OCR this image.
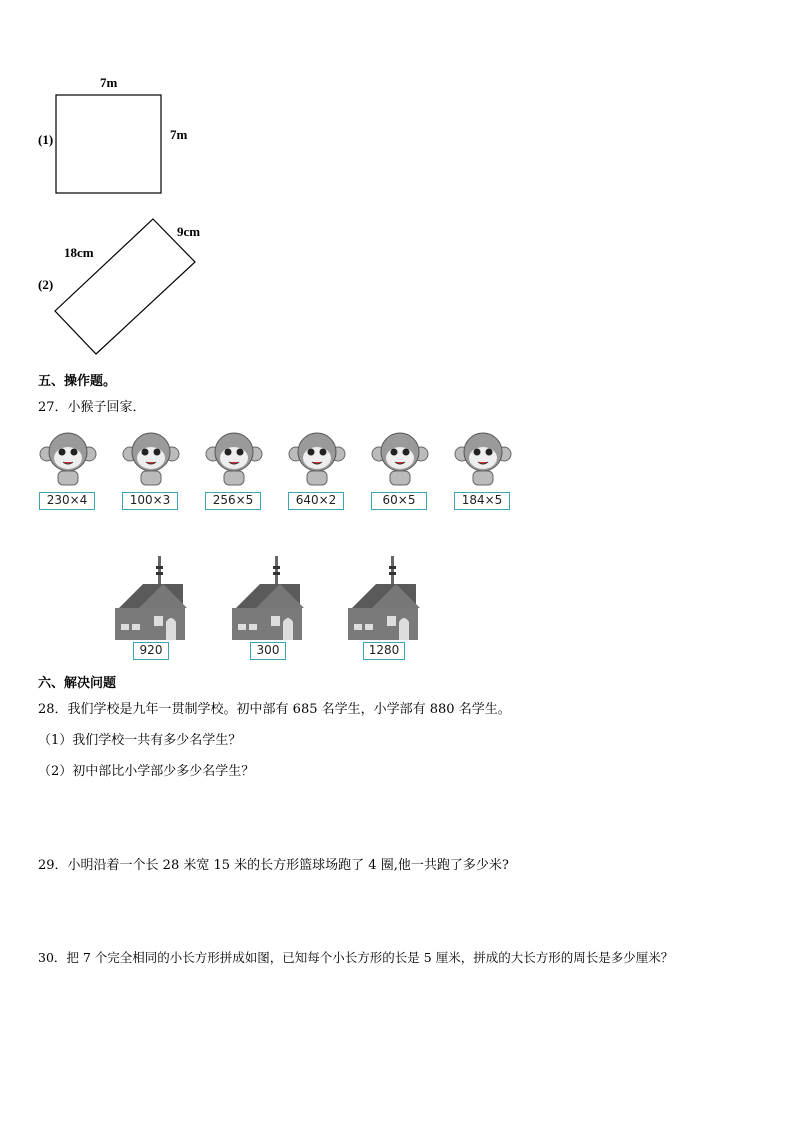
(1)
7m
7m
(2)
18cm
9cm
五、操作题。
27．小猴子回家．
230×4	100×3	256×5	640×2	60×5	184×5
920	300	1280
六、解决问题
28．我们学校是九年一贯制学校。初中部有 685 名学生，小学部有 880 名学生。
（1）我们学校一共有多少名学生？
（2）初中部比小学部少多少名学生？
29．小明沿着一个长 28 米宽 15 米的长方形篮球场跑了 4 圈,他一共跑了多少米?
30．把 7 个完全相同的小长方形拼成如图，已知每个小长方形的长是 5 厘米，拼成的大长方形的周长是多少厘米？
